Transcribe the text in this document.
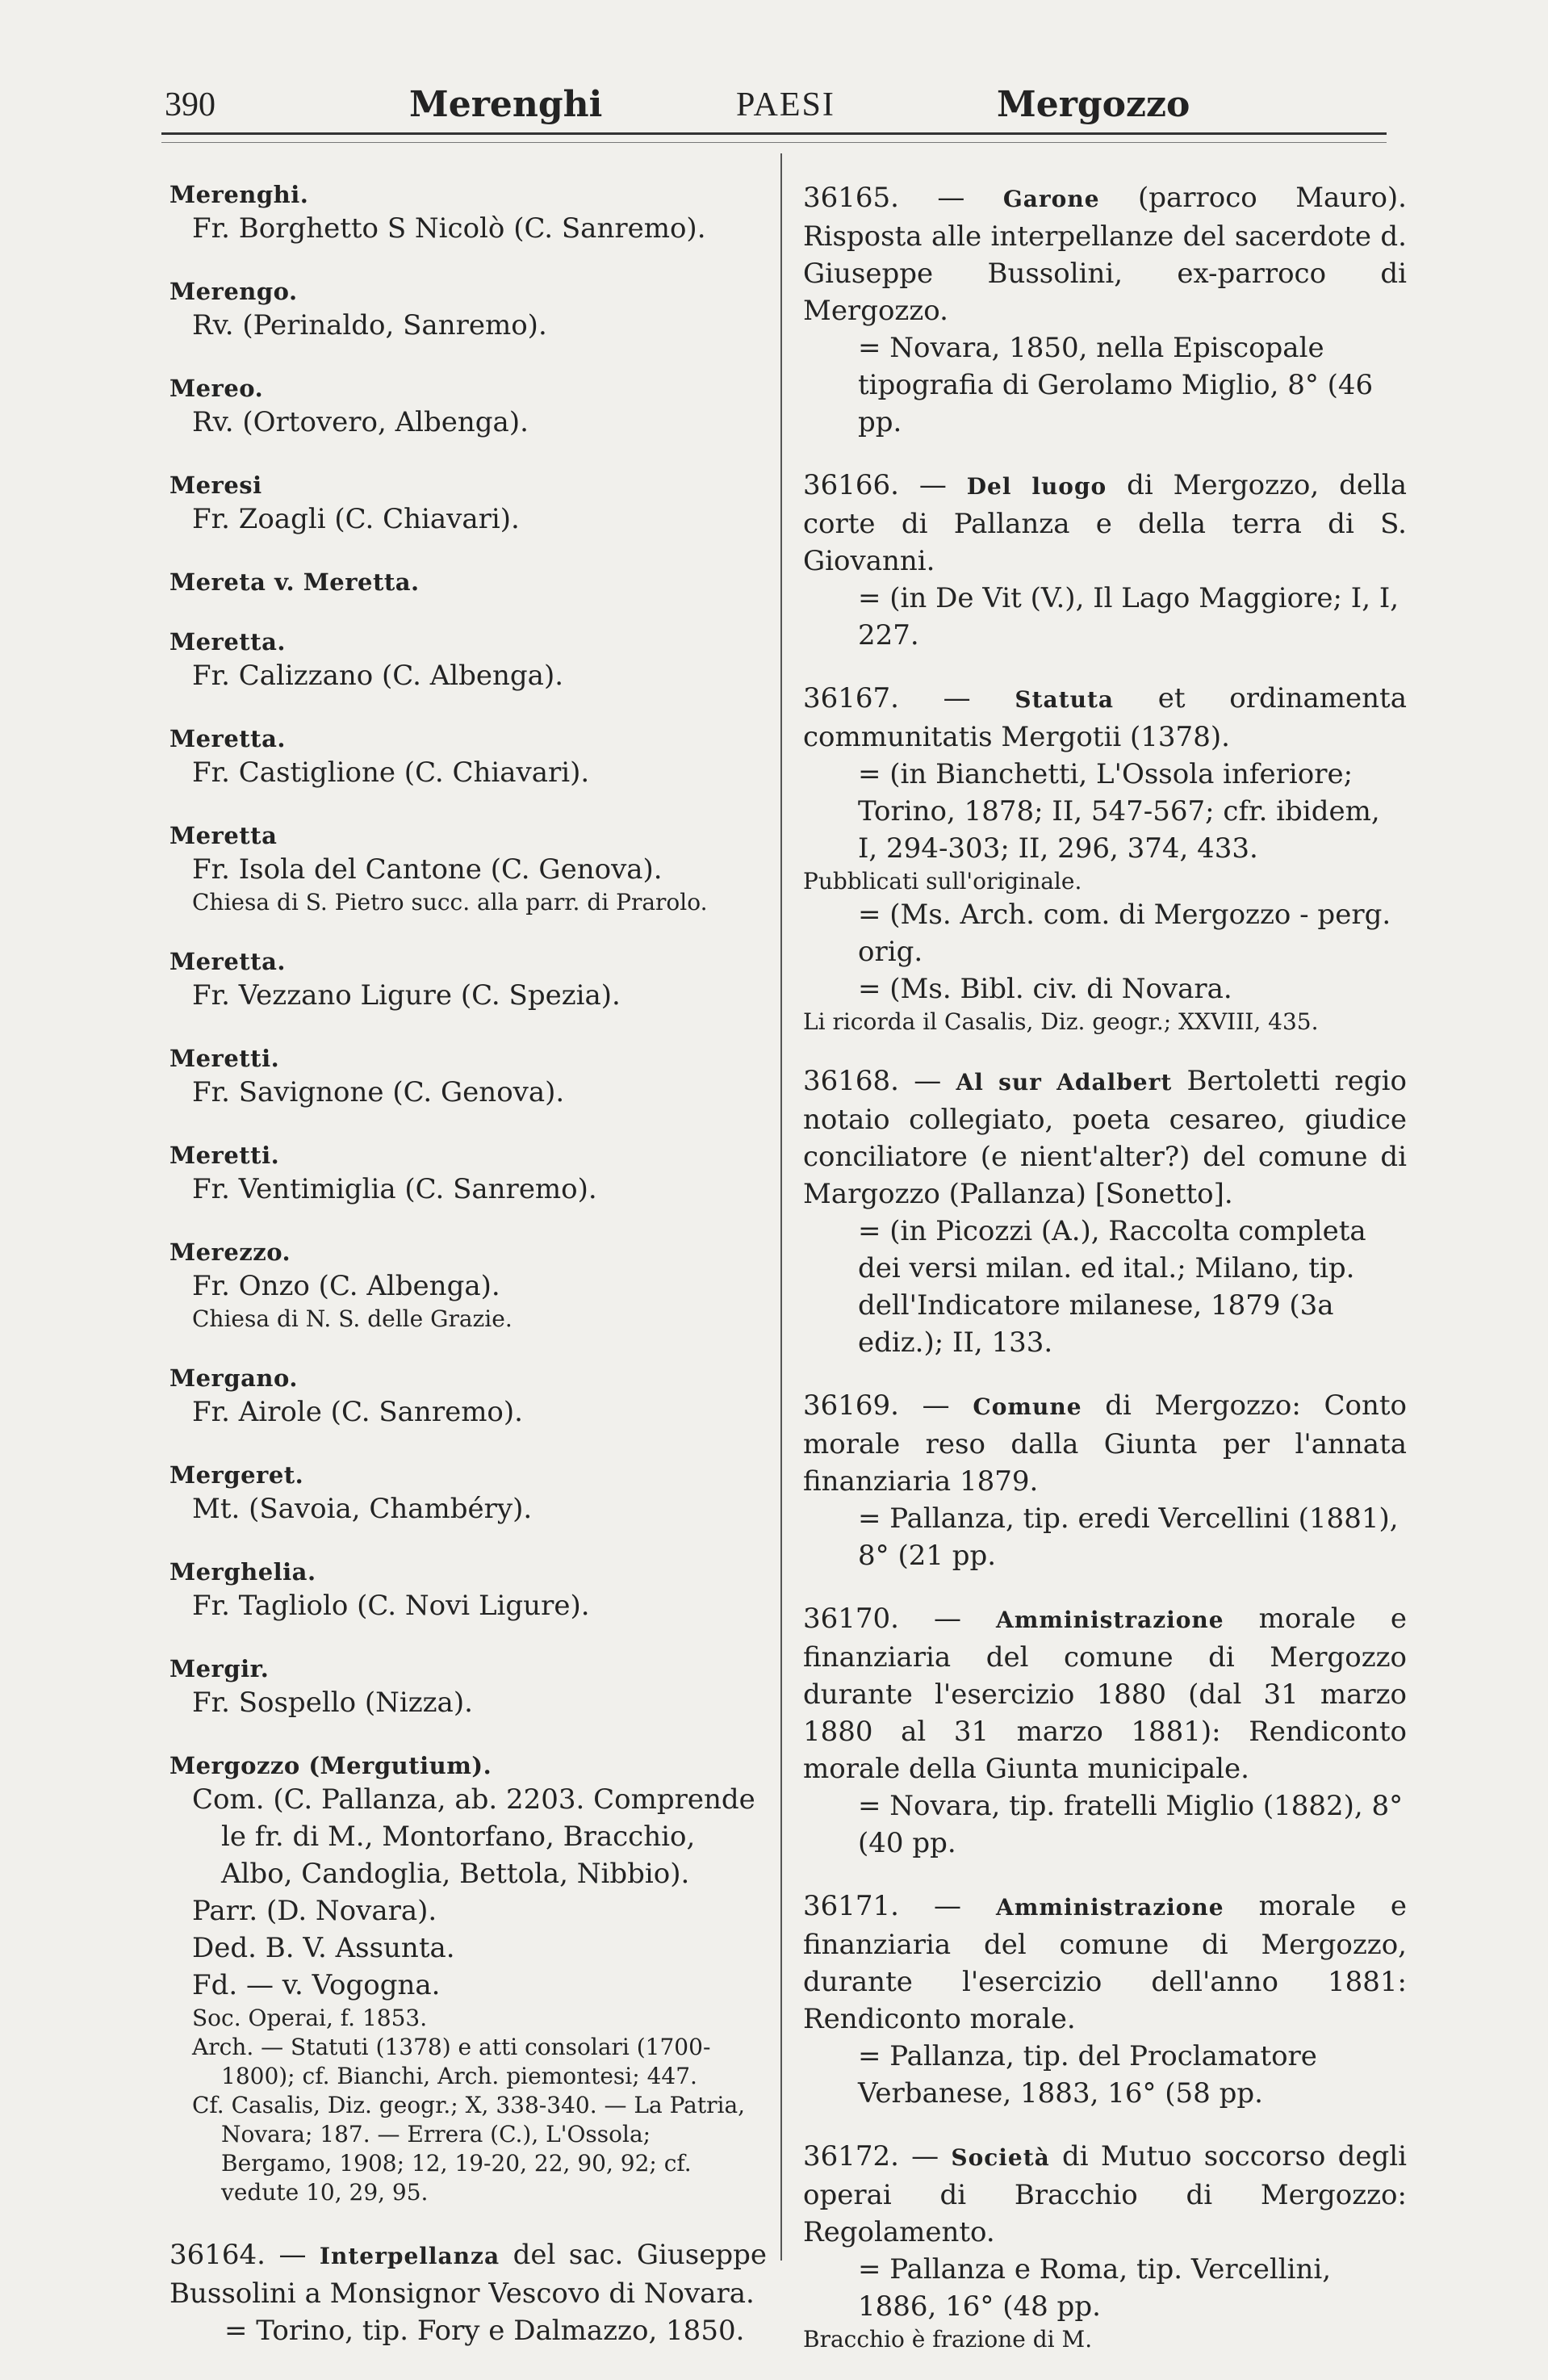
390	Merenghi	PAESI	Mergozzo
Merenghi.
Fr. Borghetto S Nicolò (C. Sanremo).
Merengo.
Rv. (Perinaldo, Sanremo).
Mereo.
Rv. (Ortovero, Albenga).
Meresi
Fr. Zoagli (C. Chiavari).
Mereta v. Meretta.
Meretta.
Fr. Calizzano (C. Albenga).
Meretta.
Fr. Castiglione (C. Chiavari).
Meretta
Fr. Isola del Cantone (C. Genova).
Chiesa di S. Pietro succ. alla parr. di Prarolo.
Meretta.
Fr. Vezzano Ligure (C. Spezia).
Meretti.
Fr. Savignone (C. Genova).
Meretti.
Fr. Ventimiglia (C. Sanremo).
Merezzo.
Fr. Onzo (C. Albenga).
Chiesa di N. S. delle Grazie.
Mergano.
Fr. Airole (C. Sanremo).
Mergeret.
Mt. (Savoia, Chambéry).
Merghelia.
Fr. Tagliolo (C. Novi Ligure).
Mergir.
Fr. Sospello (Nizza).
Mergozzo (Mergutium).
Com. (C. Pallanza, ab. 2203. Comprende le fr. di M., Montorfano, Bracchio, Albo, Candoglia, Bettola, Nibbio).
Parr. (D. Novara).
Ded. B. V. Assunta.
Fd. — v. Vogogna.
Soc. Operai, f. 1853.
Arch. — Statuti (1378) e atti consolari (1700-1800); cf. Bianchi, Arch. piemontesi; 447.
Cf. Casalis, Diz. geogr.; X, 338-340. — La Patria, Novara; 187. — Errera (C.), L'Ossola; Bergamo, 1908; 12, 19-20, 22, 90, 92; cf. vedute 10, 29, 95.
36164. — Interpellanza del sac. Giuseppe Bussolini a Monsignor Vescovo di Novara.
= Torino, tip. Fory e Dalmazzo, 1850.
36165. — Garone (parroco Mauro). Risposta alle interpellanze del sacerdote d. Giuseppe Bussolini, ex-parroco di Mergozzo.
= Novara, 1850, nella Episcopale tipografia di Gerolamo Miglio, 8° (46 pp.
36166. — Del luogo di Mergozzo, della corte di Pallanza e della terra di S. Giovanni.
= (in De Vit (V.), Il Lago Maggiore; I, I, 227.
36167. — Statuta et ordinamenta communitatis Mergotii (1378).
= (in Bianchetti, L'Ossola inferiore; Torino, 1878; II, 547-567; cfr. ibidem, I, 294-303; II, 296, 374, 433.
Pubblicati sull'originale.
= (Ms. Arch. com. di Mergozzo - perg. orig.
= (Ms. Bibl. civ. di Novara.
Li ricorda il Casalis, Diz. geogr.; XXVIII, 435.
36168. — Al sur Adalbert Bertoletti regio notaio collegiato, poeta cesareo, giudice conciliatore (e nient'alter?) del comune di Margozzo (Pallanza) [Sonetto].
= (in Picozzi (A.), Raccolta completa dei versi milan. ed ital.; Milano, tip. dell'Indicatore milanese, 1879 (3a ediz.); II, 133.
36169. — Comune di Mergozzo: Conto morale reso dalla Giunta per l'annata finanziaria 1879.
= Pallanza, tip. eredi Vercellini (1881), 8° (21 pp.
36170. — Amministrazione morale e finanziaria del comune di Mergozzo durante l'esercizio 1880 (dal 31 marzo 1880 al 31 marzo 1881): Rendiconto morale della Giunta municipale.
= Novara, tip. fratelli Miglio (1882), 8° (40 pp.
36171. — Amministrazione morale e finanziaria del comune di Mergozzo, durante l'esercizio dell'anno 1881: Rendiconto morale.
= Pallanza, tip. del Proclamatore Verbanese, 1883, 16° (58 pp.
36172. — Società di Mutuo soccorso degli operai di Bracchio di Mergozzo: Regolamento.
= Pallanza e Roma, tip. Vercellini, 1886, 16° (48 pp.
Bracchio è frazione di M.
